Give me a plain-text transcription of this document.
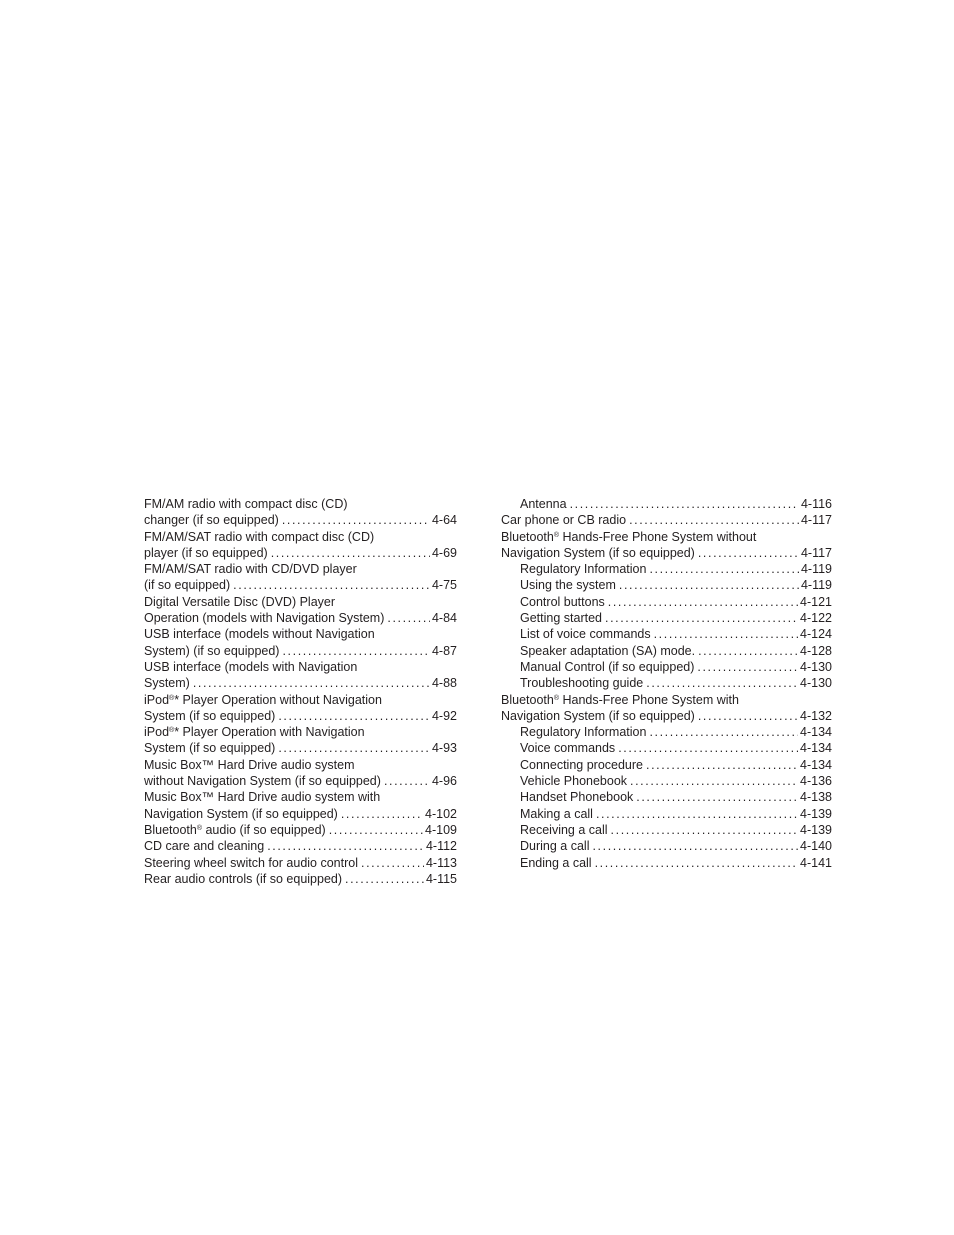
FM/AM radio with compact disc (CD)
changer (if so equipped) .....	4-64
FM/AM/SAT radio with compact disc (CD)
player (if so equipped) .....	4-69
FM/AM/SAT radio with CD/DVD player
(if so equipped) .....	4-75
Digital Versatile Disc (DVD) Player
Operation (models with Navigation System) .....	4-84
USB interface (models without Navigation
System) (if so equipped) .....	4-87
USB interface (models with Navigation
System) .....	4-88
iPod®* Player Operation without Navigation
System (if so equipped) .....	4-92
iPod®* Player Operation with Navigation
System (if so equipped) .....	4-93
Music Box™ Hard Drive audio system
without Navigation System (if so equipped) .....	4-96
Music Box™ Hard Drive audio system with
Navigation System (if so equipped) .....	4-102
Bluetooth® audio (if so equipped) .....	4-109
CD care and cleaning .....	4-112
Steering wheel switch for audio control .....	4-113
Rear audio controls (if so equipped) .....	4-115
Antenna .....	4-116
Car phone or CB radio .....	4-117
Bluetooth® Hands-Free Phone System without
Navigation System (if so equipped) .....	4-117
Regulatory Information .....	4-119
Using the system .....	4-119
Control buttons .....	4-121
Getting started .....	4-122
List of voice commands .....	4-124
Speaker adaptation (SA) mode. .....	4-128
Manual Control (if so equipped) .....	4-130
Troubleshooting guide .....	4-130
Bluetooth® Hands-Free Phone System with
Navigation System (if so equipped) .....	4-132
Regulatory Information .....	4-134
Voice commands .....	4-134
Connecting procedure .....	4-134
Vehicle Phonebook .....	4-136
Handset Phonebook .....	4-138
Making a call .....	4-139
Receiving a call .....	4-139
During a call .....	4-140
Ending a call .....	4-141
